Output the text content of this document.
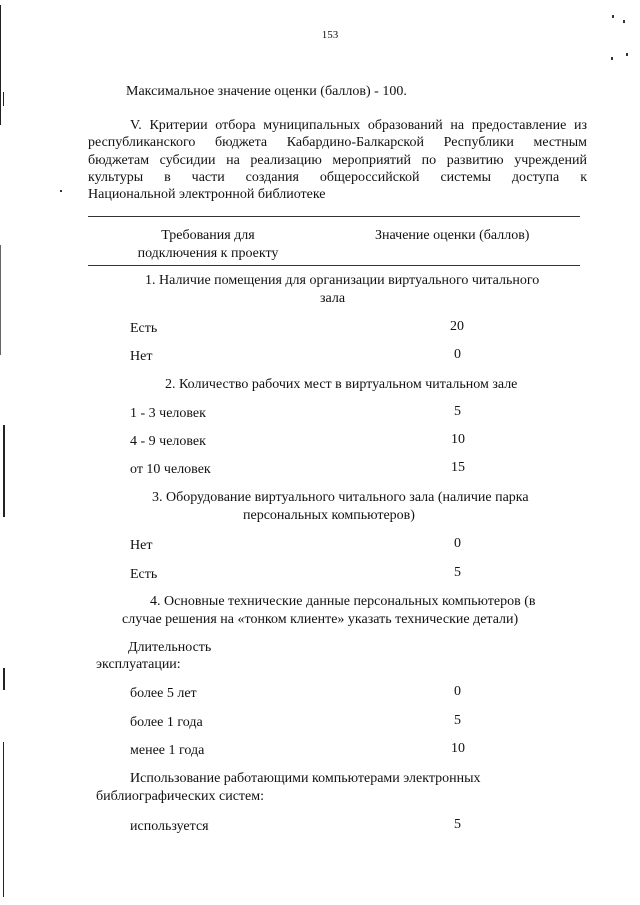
153
Максимальное значение оценки (баллов) - 100.
V. Критерии отбора муниципальных образований на предоставление из
республиканского бюджета Кабардино-Балкарской Республики местным
бюджетам субсидии на реализацию мероприятий по развитию учреждений
культуры в части создания общероссийской системы доступа к
Национальной электронной библиотеке
Требования для
подключения к проекту
Значение оценки (баллов)
1. Наличие помещения для организации виртуального читального
зала
Есть	20
Нет	0
2. Количество рабочих мест в виртуальном читальном зале
1 - 3 человек	5
4 - 9 человек	10
от 10 человек	15
3. Оборудование виртуального читального зала (наличие парка
персональных компьютеров)
Нет	0
Есть	5
4. Основные технические данные персональных компьютеров (в
случае решения на «тонком клиенте» указать технические детали)
Длительность
эксплуатации:
более 5 лет	0
более 1 года	5
менее 1 года	10
Использование работающими компьютерами электронных
библиографических систем:
используется	5
